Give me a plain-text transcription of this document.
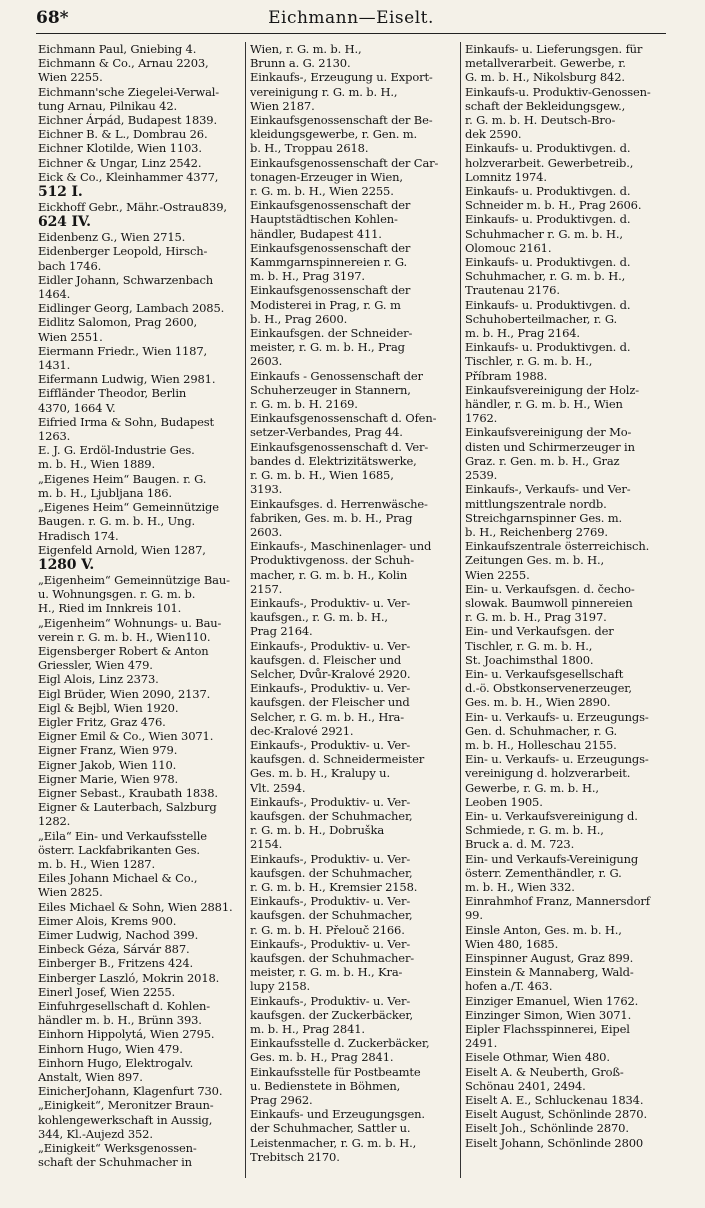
68*	Eichmann—Eiselt.

Eichmann Paul, Gniebing 4.

Eichmann & Co., Arnau 2203,

Wien 2255.

Eichmann'sche Ziegelei-Verwal-

tung Arnau, Pilnikau 42.

Eichner Árpád, Budapest 1839.

Eichner B. & L., Dombrau 26.

Eichner Klotilde, Wien 1103.

Eichner & Ungar, Linz 2542.

Eick & Co., Kleinhammer 4377,

512 I.

Eickhoff Gebr., Mähr.-Ostrau839,

624 IV.

Eidenbenz G., Wien 2715.

Eidenberger Leopold, Hirsch-

bach 1746.

Eidler Johann, Schwarzenbach

1464.

Eidlinger Georg, Lambach 2085.

Eidlitz Salomon, Prag 2600,

Wien 2551.

Eiermann Friedr., Wien 1187,

1431.

Eifermann Ludwig, Wien 2981.

Eiffländer Theodor, Berlin

4370, 1664 V.

Eifried Irma & Sohn, Budapest

1263.

E. J. G. Erdöl-Industrie Ges.

m. b. H., Wien 1889.

„Eigenes Heim“ Baugen. r. G.

m. b. H., Ljubljana 186.

„Eigenes Heim“ Gemeinnützige

Baugen. r. G. m. b. H., Ung.

Hradisch 174.

Eigenfeld Arnold, Wien 1287,

1280 V.

„Eigenheim“ Gemeinnützige Bau-

u. Wohnungsgen. r. G. m. b.

H., Ried im Innkreis 101.

„Eigenheim“ Wohnungs- u. Bau-

verein r. G. m. b. H., Wien110.

Eigensberger Robert & Anton

Griessler, Wien 479.

Eigl Alois, Linz 2373.

Eigl Brüder, Wien 2090, 2137.

Eigl & Bejbl, Wien 1920.

Eigler Fritz, Graz 476.

Eigner Emil & Co., Wien 3071.

Eigner Franz, Wien 979.

Eigner Jakob, Wien 110.

Eigner Marie, Wien 978.

Eigner Sebast., Kraubath 1838.

Eigner & Lauterbach, Salzburg

1282.

„Eila“ Ein- und Verkaufsstelle

österr. Lackfabrikanten Ges.

m. b. H., Wien 1287.

Eiles Johann Michael & Co.,

Wien 2825.

Eiles Michael & Sohn, Wien 2881.

Eimer Alois, Krems 900.

Eimer Ludwig, Nachod 399.

Einbeck Géza, Sárvár 887.

Einberger B., Fritzens 424.

Einberger Laszló, Mokrin 2018.

Einerl Josef, Wien 2255.

Einfuhrgesellschaft d. Kohlen-

händler m. b. H., Brünn 393.

Einhorn Hippolytá, Wien 2795.

Einhorn Hugo, Wien 479.

Einhorn Hugo, Elektrogalv.

Anstalt, Wien 897.

EinicherJohann, Klagenfurt 730.

„Einigkeit“, Meronitzer Braun-

kohlengewerkschaft in Aussig,

344, Kl.-Aujezd 352.

„Einigkeit“ Werksgenossen-

schaft der Schuhmacher in

Wien, r. G. m. b. H.,

Brunn a. G. 2130.

Einkaufs-, Erzeugung u. Export-

vereinigung r. G. m. b. H.,

Wien 2187.

Einkaufsgenossenschaft der Be-

kleidungsgewerbe, r. Gen. m.

b. H., Troppau 2618.

Einkaufsgenossenschaft der Car-

tonagen-Erzeuger in Wien,

r. G. m. b. H., Wien 2255.

Einkaufsgenossenschaft der

Hauptstädtischen Kohlen-

händler, Budapest 411.

Einkaufsgenossenschaft der

Kammgarnspinnereien r. G.

m. b. H., Prag 3197.

Einkaufsgenossenschaft der

Modisterei in Prag, r. G. m

b. H., Prag 2600.

Einkaufsgen. der Schneider-

meister, r. G. m. b. H., Prag

2603.

Einkaufs - Genossenschaft der

Schuherzeuger in Stannern,

r. G. m. b. H. 2169.

Einkaufsgenossenschaft d. Ofen-

setzer-Verbandes, Prag 44.

Einkaufsgenossenschaft d. Ver-

bandes d. Elektrizitätswerke,

r. G. m. b. H., Wien 1685,

3193.

Einkaufsges. d. Herrenwäsche-

fabriken, Ges. m. b. H., Prag

2603.

Einkaufs-, Maschinenlager- und

Produktivgenoss. der Schuh-

macher, r. G. m. b. H., Kolin

2157.

Einkaufs-, Produktiv- u. Ver-

kaufsgen., r. G. m. b. H.,

Prag 2164.

Einkaufs-, Produktiv- u. Ver-

kaufsgen. d. Fleischer und

Selcher, Dvůr-Kralové 2920.

Einkaufs-, Produktiv- u. Ver-

kaufsgen. der Fleischer und

Selcher, r. G. m. b. H., Hra-

dec-Kralové 2921.

Einkaufs-, Produktiv- u. Ver-

kaufsgen. d. Schneidermeister

Ges. m. b. H., Kralupy u.

Vlt. 2594.

Einkaufs-, Produktiv- u. Ver-

kaufsgen. der Schuhmacher,

r. G. m. b. H., Dobruška

2154.

Einkaufs-, Produktiv- u. Ver-

kaufsgen. der Schuhmacher,

r. G. m. b. H., Kremsier 2158.

Einkaufs-, Produktiv- u. Ver-

kaufsgen. der Schuhmacher,

r. G. m. b. H. Přelouč 2166.

Einkaufs-, Produktiv- u. Ver-

kaufsgen. der Schuhmacher-

meister, r. G. m. b. H., Kra-

lupy 2158.

Einkaufs-, Produktiv- u. Ver-

kaufsgen. der Zuckerbäcker,

m. b. H., Prag 2841.

Einkaufsstelle d. Zuckerbäcker,

Ges. m. b. H., Prag 2841.

Einkaufsstelle für Postbeamte

u. Bedienstete in Böhmen,

Prag 2962.

Einkaufs- und Erzeugungsgen.

der Schuhmacher, Sattler u.

Leistenmacher, r. G. m. b. H.,

Trebitsch 2170.

Einkaufs- u. Lieferungsgen. für

metallverarbeit. Gewerbe, r.

G. m. b. H., Nikolsburg 842.

Einkaufs-u. Produktiv-Genossen-

schaft der Bekleidungsgew.,

r. G. m. b. H. Deutsch-Bro-

dek 2590.

Einkaufs- u. Produktivgen. d.

holzverarbeit. Gewerbetreib.,

Lomnitz 1974.

Einkaufs- u. Produktivgen. d.

Schneider m. b. H., Prag 2606.

Einkaufs- u. Produktivgen. d.

Schuhmacher r. G. m. b. H.,

Olomouc 2161.

Einkaufs- u. Produktivgen. d.

Schuhmacher, r. G. m. b. H.,

Trautenau 2176.

Einkaufs- u. Produktivgen. d.

Schuhoberteilmacher, r. G.

m. b. H., Prag 2164.

Einkaufs- u. Produktivgen. d.

Tischler, r. G. m. b. H.,

Příbram 1988.

Einkaufsvereinigung der Holz-

händler, r. G. m. b. H., Wien

1762.

Einkaufsvereinigung der Mo-

disten und Schirmerzeuger in

Graz. r. Gen. m. b. H., Graz

2539.

Einkaufs-, Verkaufs- und Ver-

mittlungszentrale nordb.

Streichgarnspinner Ges. m.

b. H., Reichenberg 2769.

Einkaufszentrale österreichisch.

Zeitungen Ges. m. b. H.,

Wien 2255.

Ein- u. Verkaufsgen. d. čecho-

slowak. Baumwoll pinnereien

r. G. m. b. H., Prag 3197.

Ein- und Verkaufsgen. der

Tischler, r. G. m. b. H.,

St. Joachimsthal 1800.

Ein- u. Verkaufsgesellschaft

d.-ö. Obstkonservenerzeuger,

Ges. m. b. H., Wien 2890.

Ein- u. Verkaufs- u. Erzeugungs-

Gen. d. Schuhmacher, r. G.

m. b. H., Holleschau 2155.

Ein- u. Verkaufs- u. Erzeugungs-

vereinigung d. holzverarbeit.

Gewerbe, r. G. m. b. H.,

Leoben 1905.

Ein- u. Verkaufsvereinigung d.

Schmiede, r. G. m. b. H.,

Bruck a. d. M. 723.

Ein- und Verkaufs-Vereinigung

österr. Zementhändler, r. G.

m. b. H., Wien 332.

Einrahmhof Franz, Mannersdorf

99.

Einsle Anton, Ges. m. b. H.,

Wien 480, 1685.

Einspinner August, Graz 899.

Einstein & Mannaberg, Wald-

hofen a./T. 463.

Einziger Emanuel, Wien 1762.

Einzinger Simon, Wien 3071.

Eipler Flachsspinnerei, Eipel

2491.

Eisele Othmar, Wien 480.

Eiselt A. & Neuberth, Groß-

Schönau 2401, 2494.

Eiselt A. E., Schluckenau 1834.

Eiselt August, Schönlinde 2870.

Eiselt Joh., Schönlinde 2870.

Eiselt Johann, Schönlinde 2800
